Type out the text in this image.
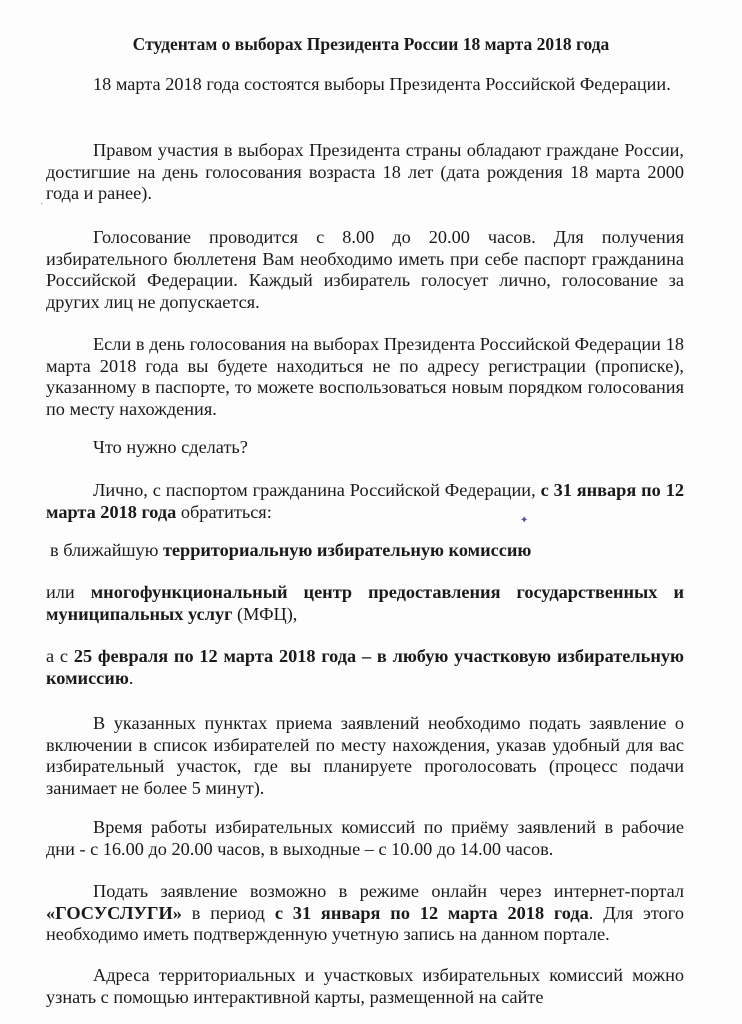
Студентам о выборах Президента России 18 марта 2018 года

18 марта 2018 года состоятся выборы Президента Российской Федерации.

Правом участия в выборах Президента страны обладают граждане России, достигшие на день голосования возраста 18 лет (дата рождения 18 марта 2000 года и ранее).

Голосование проводится с 8.00 до 20.00 часов. Для получения избирательного бюллетеня Вам необходимо иметь при себе паспорт гражданина Российской Федерации. Каждый избиратель голосует лично, голосование за других лиц не допускается.

Если в день голосования на выборах Президента Российской Федерации 18 марта 2018 года вы будете находиться не по адресу регистрации (прописке), указанному в паспорте, то можете воспользоваться новым порядком голосования по месту нахождения.

Что нужно сделать?

Лично, с паспортом гражданина Российской Федерации, с 31 января по 12 марта 2018 года обратиться:

в ближайшую территориальную избирательную комиссию

или многофункциональный центр предоставления государственных и муниципальных услуг (МФЦ),

а с 25 февраля по 12 марта 2018 года – в любую участковую избирательную комиссию.

В указанных пунктах приема заявлений необходимо подать заявление о включении в список избирателей по месту нахождения, указав удобный для вас избирательный участок, где вы планируете проголосовать (процесс подачи занимает не более 5 минут).

Время работы избирательных комиссий по приёму заявлений в рабочие дни - с 16.00 до 20.00 часов, в выходные – с 10.00 до 14.00 часов.

Подать заявление возможно в режиме онлайн через интернет-портал «ГОСУСЛУГИ» в период с 31 января по 12 марта 2018 года. Для этого необходимо иметь подтвержденную учетную запись на данном портале.

Адреса территориальных и участковых избирательных комиссий можно узнать с помощью интерактивной карты, размещенной на сайте

✦
·
